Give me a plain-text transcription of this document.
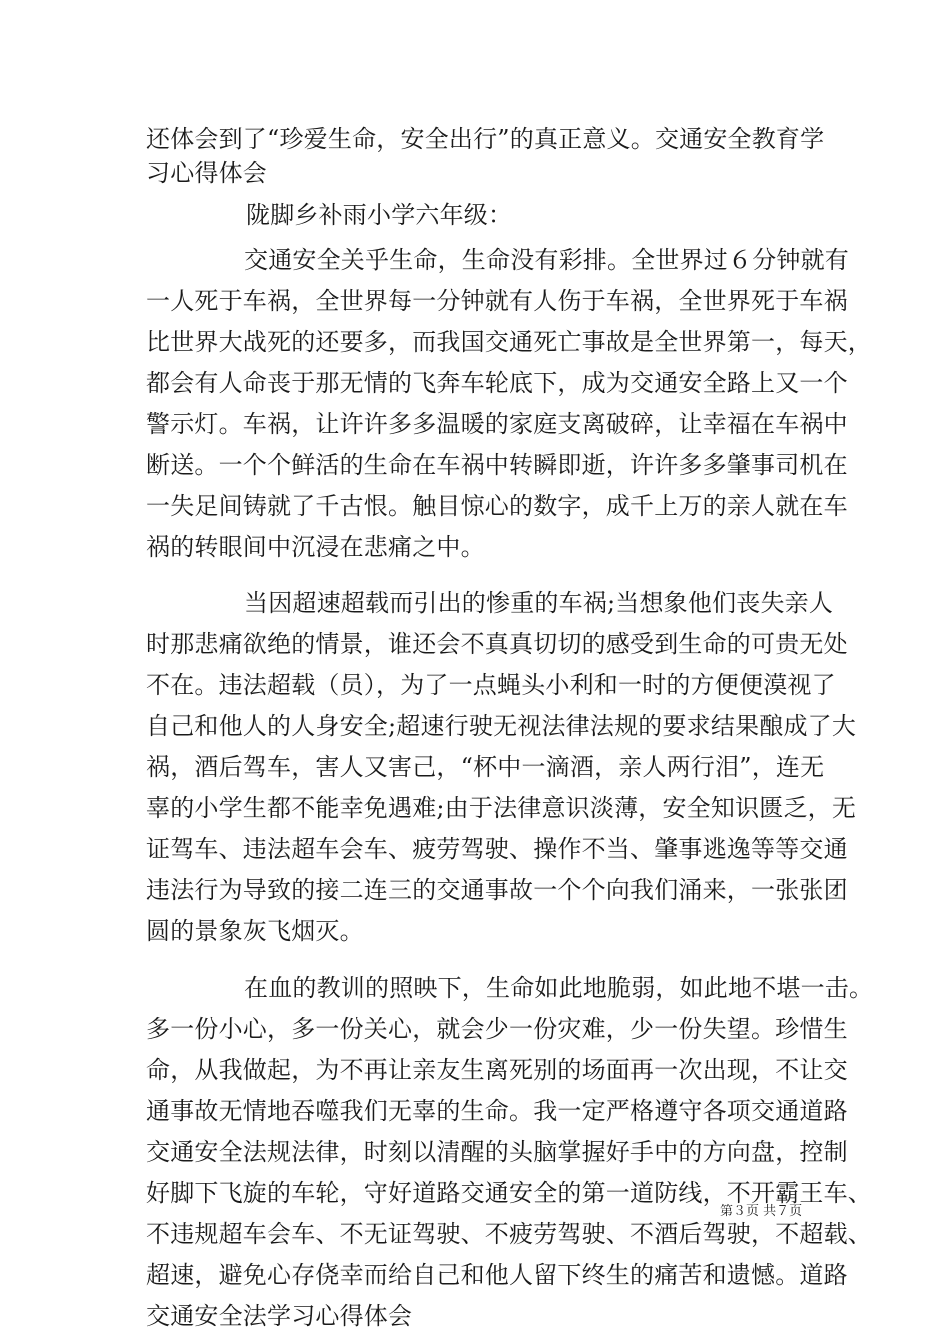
还体会到了“珍爱生命，安全出行”的真正意义。交通安全教育学
习心得体会
陇脚乡补雨小学六年级：
交通安全关乎生命，生命没有彩排。全世界过６分钟就有
一人死于车祸，全世界每一分钟就有人伤于车祸，全世界死于车祸
比世界大战死的还要多，而我国交通死亡事故是全世界第一，每天，
都会有人命丧于那无情的飞奔车轮底下，成为交通安全路上又一个
警示灯。车祸，让许许多多温暖的家庭支离破碎，让幸福在车祸中
断送。一个个鲜活的生命在车祸中转瞬即逝，许许多多肇事司机在
一失足间铸就了千古恨。触目惊心的数字，成千上万的亲人就在车
祸的转眼间中沉浸在悲痛之中。
当因超速超载而引出的惨重的车祸;当想象他们丧失亲人
时那悲痛欲绝的情景，谁还会不真真切切的感受到生命的可贵无处
不在。违法超载（员），为了一点蝇头小利和一时的方便便漠视了
自己和他人的人身安全;超速行驶无视法律法规的要求结果酿成了大
祸，酒后驾车，害人又害己，“杯中一滴酒，亲人两行泪”，连无
辜的小学生都不能幸免遇难;由于法律意识淡薄，安全知识匮乏，无
证驾车、违法超车会车、疲劳驾驶、操作不当、肇事逃逸等等交通
违法行为导致的接二连三的交通事故一个个向我们涌来，一张张团
圆的景象灰飞烟灭。
在血的教训的照映下，生命如此地脆弱，如此地不堪一击。
多一份小心，多一份关心，就会少一份灾难，少一份失望。珍惜生
命，从我做起，为不再让亲友生离死别的场面再一次出现，不让交
通事故无情地吞噬我们无辜的生命。我一定严格遵守各项交通道路
交通安全法规法律，时刻以清醒的头脑掌握好手中的方向盘，控制
好脚下飞旋的车轮，守好道路交通安全的第一道防线，不开霸王车、
不违规超车会车、不无证驾驶、不疲劳驾驶、不酒后驾驶，不超载、
超速，避免心存侥幸而给自己和他人留下终生的痛苦和遗憾。道路
交通安全法学习心得体会
第３页 共７页
